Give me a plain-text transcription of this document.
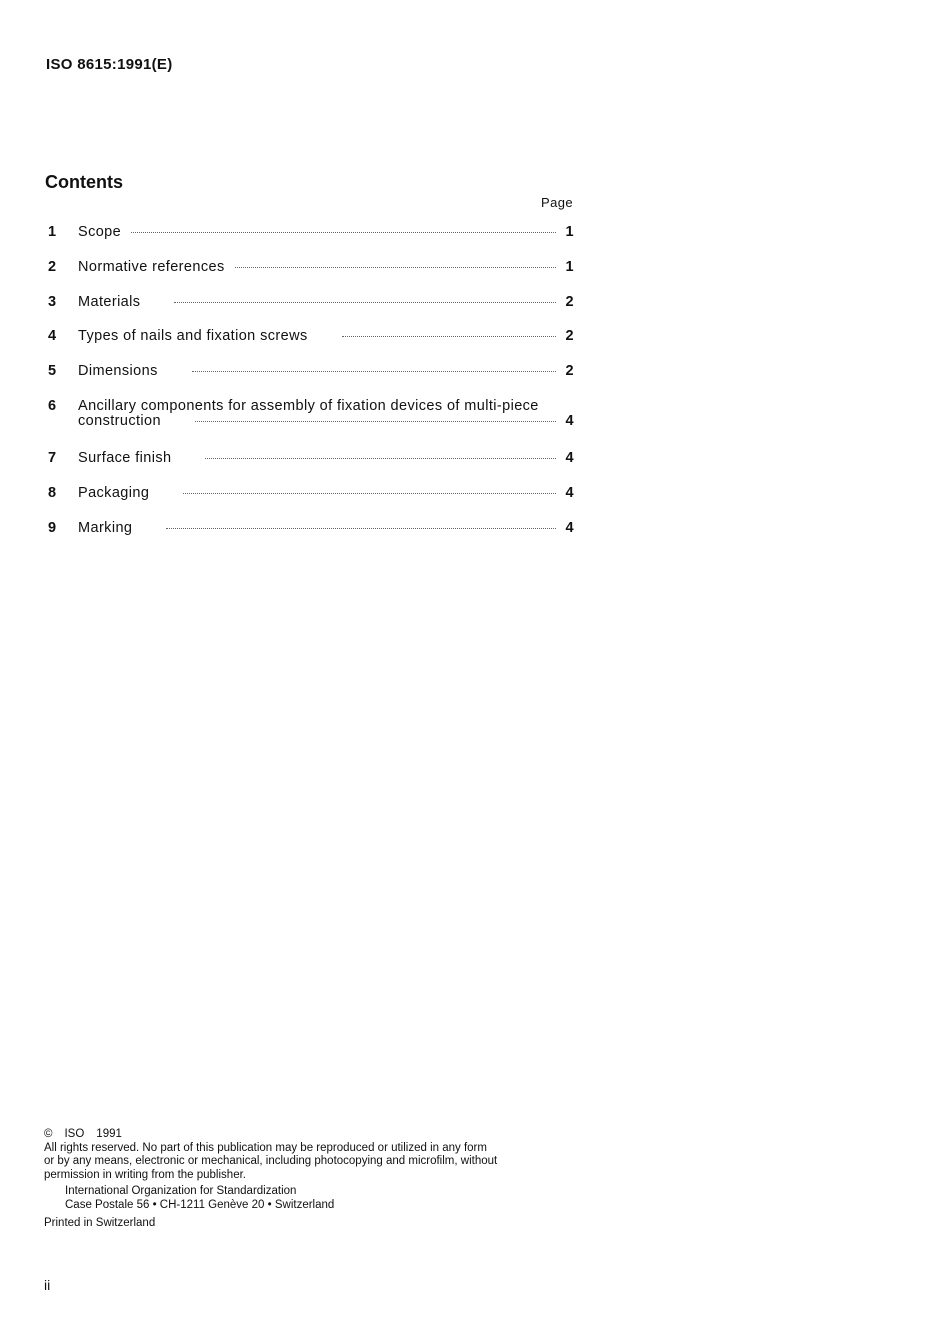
ISO 8615:1991(E)
Contents
Page
1	Scope	1
2	Normative references	1
3	Materials	2
4	Types of nails and fixation screws	2
5	Dimensions	2
6	Ancillary components for assembly of fixation devices of multi-piece
construction	4
7	Surface finish	4
8	Packaging	4
9	Marking	4
© ISO 1991
All rights reserved. No part of this publication may be reproduced or utilized in any form
or by any means, electronic or mechanical, including photocopying and microfilm, without
permission in writing from the publisher.
International Organization for Standardization
Case Postale 56 • CH-1211 Genève 20 • Switzerland
Printed in Switzerland
ii
